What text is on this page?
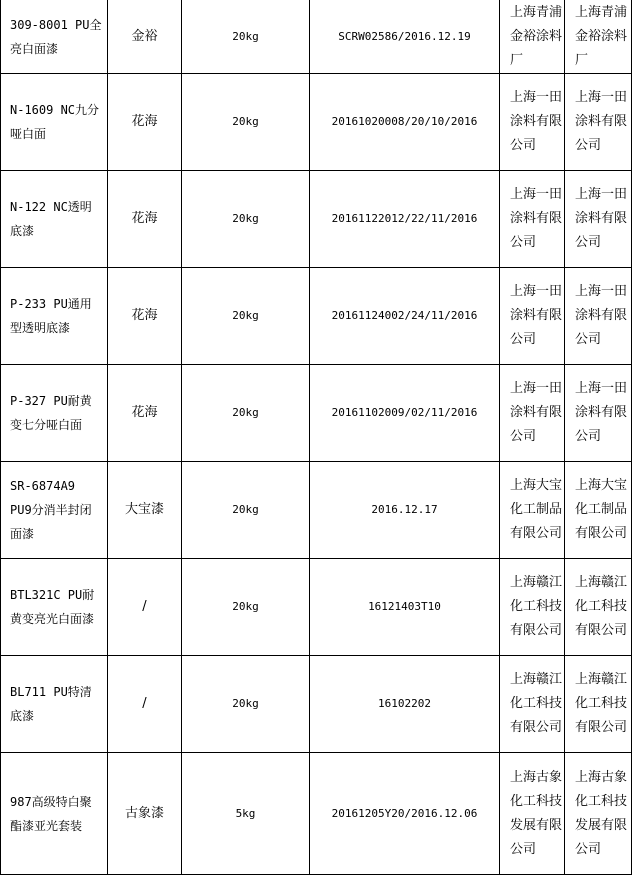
309-8001 PU全亮白面漆	金裕	20kg	SCRW02586/2016.12.19	上海青浦金裕涂料厂	上海青浦金裕涂料厂

N-1609 NC九分哑白面	花海	20kg	20161020008/20/10/2016	上海一田涂料有限公司	上海一田涂料有限公司

N-122 NC透明底漆	花海	20kg	20161122012/22/11/2016	上海一田涂料有限公司	上海一田涂料有限公司

P-233 PU通用型透明底漆	花海	20kg	20161124002/24/11/2016	上海一田涂料有限公司	上海一田涂料有限公司

P-327 PU耐黄变七分哑白面	花海	20kg	20161102009/02/11/2016	上海一田涂料有限公司	上海一田涂料有限公司

SR-6874A9 PU9分消半封闭面漆	大宝漆	20kg	2016.12.17	上海大宝化工制品有限公司	上海大宝化工制品有限公司

BTL321C PU耐黄变亮光白面漆	/	20kg	16121403T10	上海赣江化工科技有限公司	上海赣江化工科技有限公司

BL711 PU特清底漆	/	20kg	16102202	上海赣江化工科技有限公司	上海赣江化工科技有限公司

987高级特白聚酯漆亚光套装	古象漆	5kg	20161205Y20/2016.12.06	上海古象化工科技发展有限公司	上海古象化工科技发展有限公司
